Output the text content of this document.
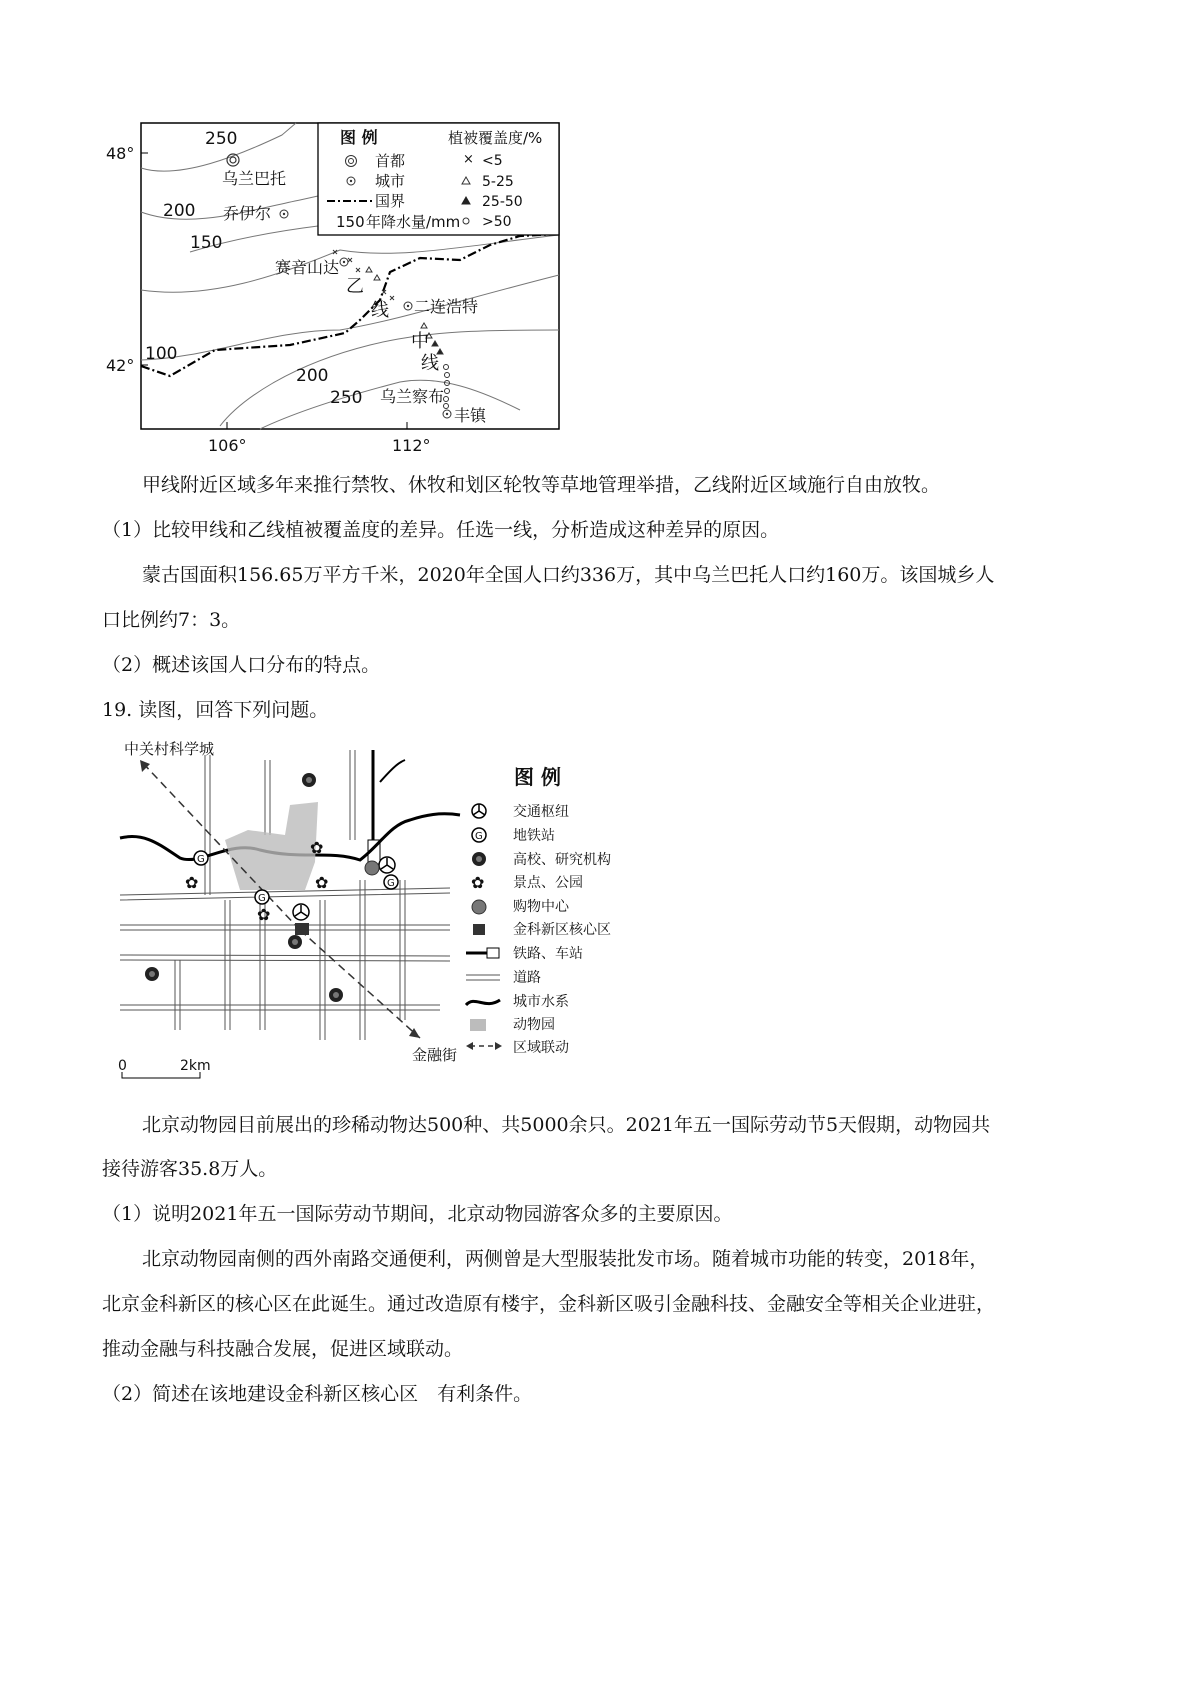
48°
42°
106°	112°
250
200
150
100
200
250
乌兰巴托
乔伊尔
赛音山达
二连浩特
乌兰察布
丰镇
乙
线
中
线
图 例	植被覆盖度/%
首都
城市
国界
150 年降水量/mm
× <5
5-25
25-50
>50
甲线附近区域多年来推行禁牧、休牧和划区轮牧等草地管理举措，乙线附近区域施行自由放牧。
（1）比较甲线和乙线植被覆盖度的差异。任选一线，分析造成这种差异的原因。
蒙古国面积156.65万平方千米，2020年全国人口约336万，其中乌兰巴托人口约160万。该国城乡人
口比例约7：3。
（2）概述该国人口分布的特点。
19. 读图，回答下列问题。
G
G
G
✿
✿
✿
✿
中关村科学城
金融街
0	2km
图 例
交通枢纽
G 地铁站
高校、研究机构
✿ 景点、公园
购物中心
金科新区核心区
铁路、车站
道路
城市水系
动物园
区域联动
北京动物园目前展出的珍稀动物达500种、共5000余只。2021年五一国际劳动节5天假期，动物园共
接待游客35.8万人。
（1）说明2021年五一国际劳动节期间，北京动物园游客众多的主要原因。
北京动物园南侧的西外南路交通便利，两侧曾是大型服装批发市场。随着城市功能的转变，2018年，
北京金科新区的核心区在此诞生。通过改造原有楼宇，金科新区吸引金融科技、金融安全等相关企业进驻，
推动金融与科技融合发展，促进区域联动。
（2）简述在该地建设金科新区核心区　有利条件。
